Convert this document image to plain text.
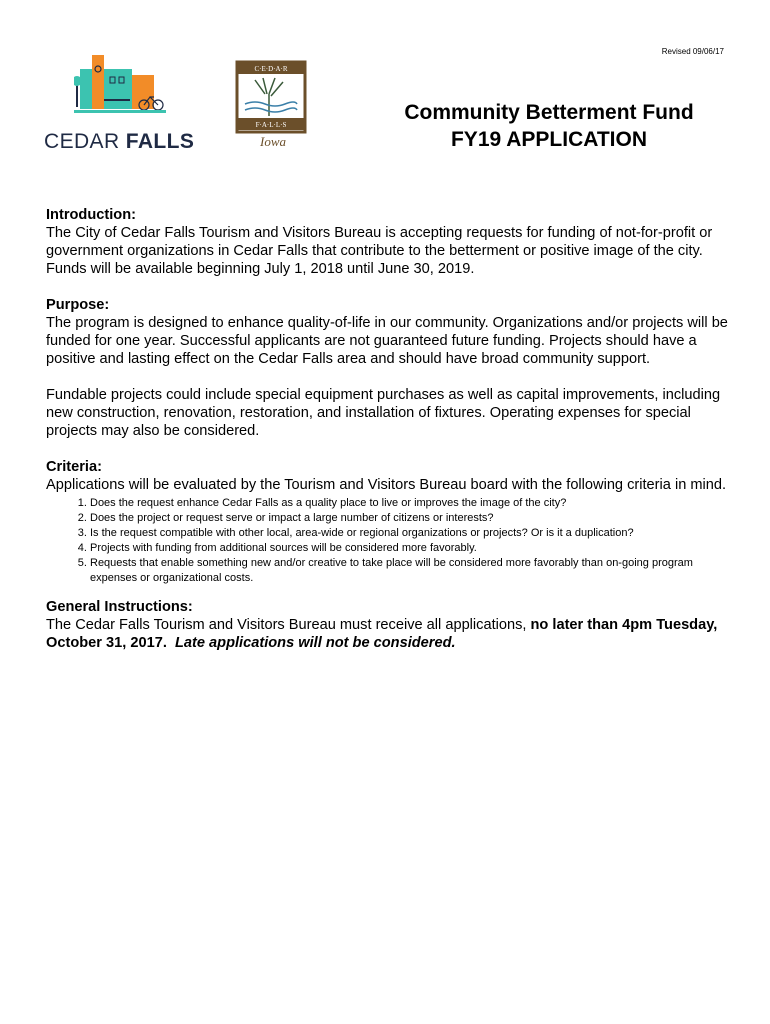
Revised 09/06/17
CEDAR FALLS
C·E·D·A·R
F·A·L·L·S
Iowa
Community Betterment Fund
FY19 APPLICATION
Introduction:

The City of Cedar Falls Tourism and Visitors Bureau is accepting requests for funding of not-for-profit or government organizations in Cedar Falls that contribute to the betterment or positive image of the city. Funds will be available beginning July 1, 2018 until June 30, 2019.

Purpose:

The program is designed to enhance quality-of-life in our community. Organizations and/or projects will be funded for one year. Successful applicants are not guaranteed future funding. Projects should have a positive and lasting effect on the Cedar Falls area and should have broad community support.

Fundable projects could include special equipment purchases as well as capital improvements, including new construction, renovation, restoration, and installation of fixtures. Operating expenses for special projects may also be considered.

Criteria:

Applications will be evaluated by the Tourism and Visitors Bureau board with the following criteria in mind.

1. Does the request enhance Cedar Falls as a quality place to live or improves the image of the city?
2. Does the project or request serve or impact a large number of citizens or interests?
3. Is the request compatible with other local, area-wide or regional organizations or projects? Or is it a duplication?
4. Projects with funding from additional sources will be considered more favorably.
5. Requests that enable something new and/or creative to take place will be considered more favorably than on-going program expenses or organizational costs.
General Instructions:

The Cedar Falls Tourism and Visitors Bureau must receive all applications, no later than 4pm Tuesday, October 31, 2017. Late applications will not be considered.
